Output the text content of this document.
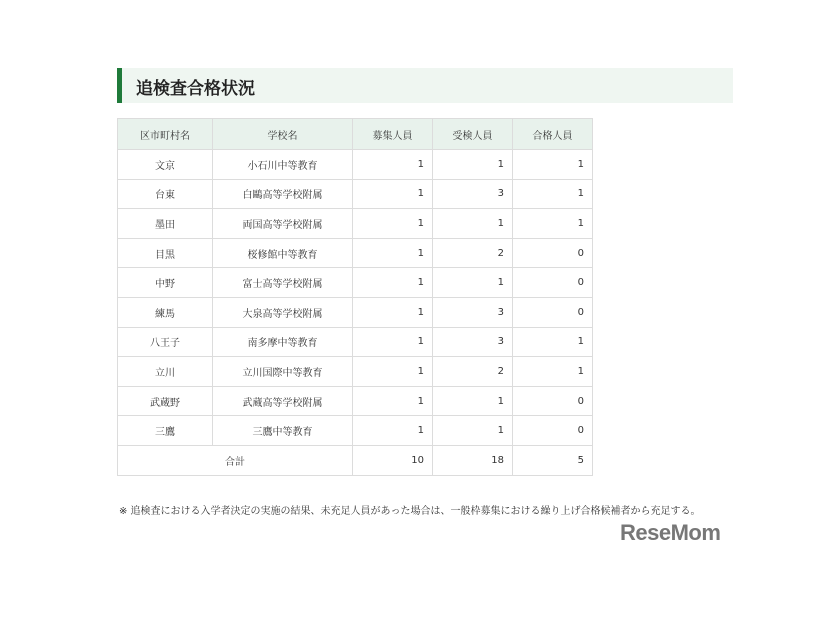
追検査合格状況
区市町村名	学校名	募集人員	受検人員	合格人員
文京	小石川中等教育	1	1	1
台東	白鷗高等学校附属	1	3	1
墨田	両国高等学校附属	1	1	1
目黒	桜修館中等教育	1	2	0
中野	富士高等学校附属	1	1	0
練馬	大泉高等学校附属	1	3	0
八王子	南多摩中等教育	1	3	1
立川	立川国際中等教育	1	2	1
武蔵野	武蔵高等学校附属	1	1	0
三鷹	三鷹中等教育	1	1	0
合計		10	18	5
※ 追検査における入学者決定の実施の結果、未充足人員があった場合は、一般枠募集における繰り上げ合格候補者から充足する。
ReseMom
